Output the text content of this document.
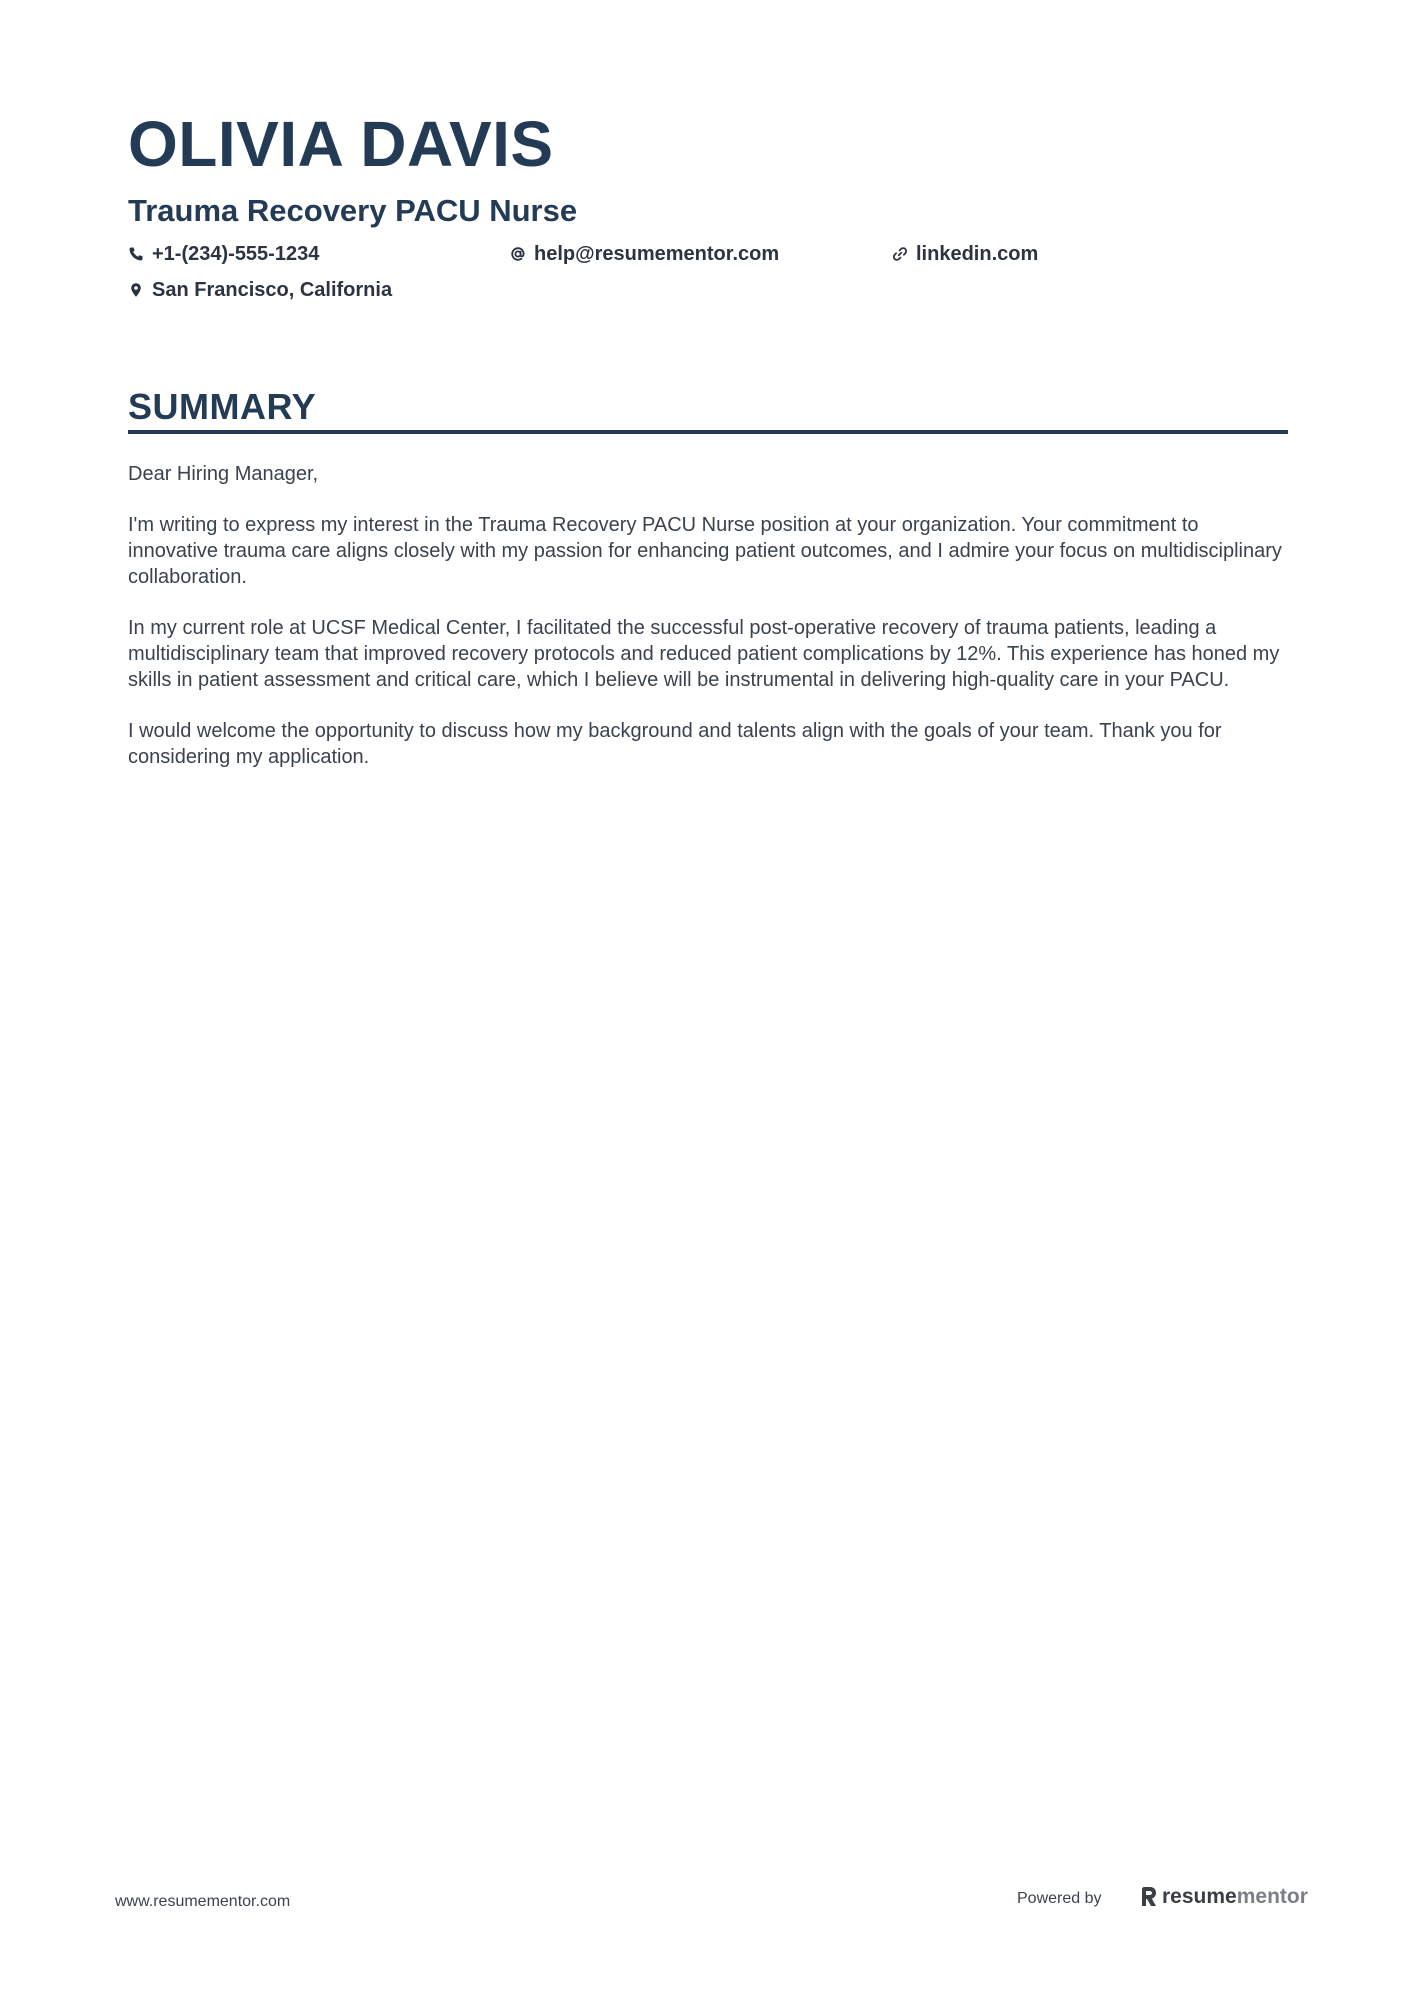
OLIVIA DAVIS
Trauma Recovery PACU Nurse
+1-(234)-555-1234	help@resumementor.com	linkedin.com
San Francisco, California
SUMMARY

Dear Hiring Manager,

I'm writing to express my interest in the Trauma Recovery PACU Nurse position at your organization. Your commitment to innovative trauma care aligns closely with my passion for enhancing patient outcomes, and I admire your focus on multidisciplinary collaboration.

In my current role at UCSF Medical Center, I facilitated the successful post-operative recovery of trauma patients, leading a multidisciplinary team that improved recovery protocols and reduced patient complications by 12%. This experience has honed my skills in patient assessment and critical care, which I believe will be instrumental in delivering high-quality care in your PACU.

I would welcome the opportunity to discuss how my background and talents align with the goals of your team. Thank you for considering my application.

www.resumementor.com	Powered by	resume mentor
